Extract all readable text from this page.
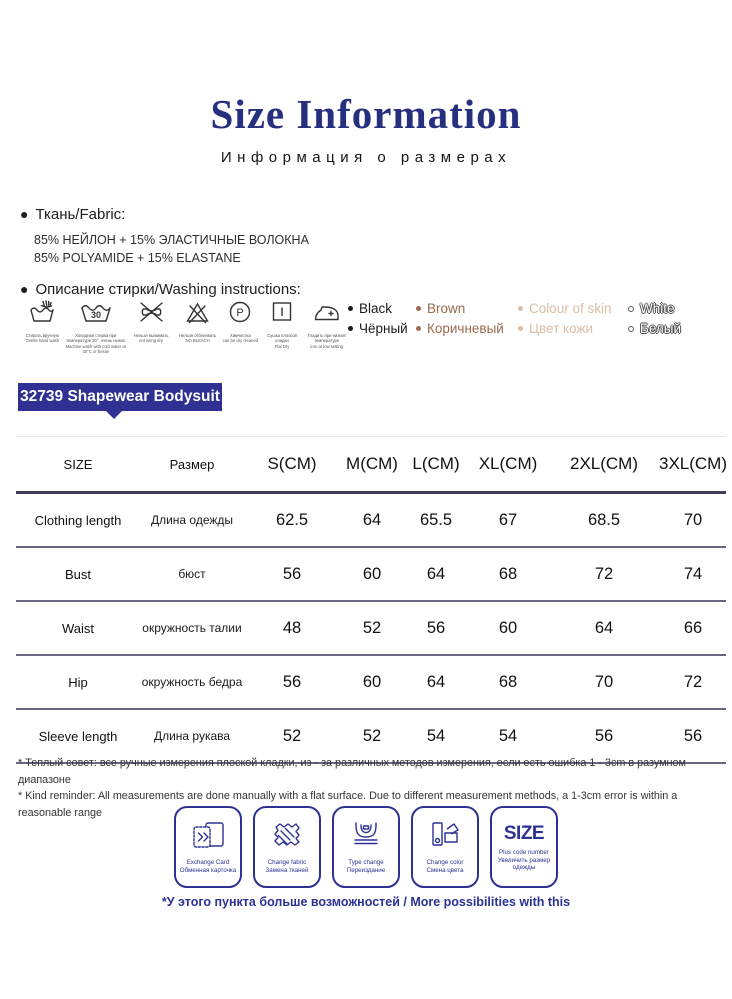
Size Information
Информация о размерах
● Ткань/Fabric:
85% НЕЙЛОН + 15% ЭЛАСТИЧНЫЕ ВОЛОКНА
85% POLYAMIDE + 15% ELASTANE
● Описание стирки/Washing instructions:
Стирать вручную
Gentle hand wash
30
Холодная стирка при температуре 30°, очень нежно
Machine wash with cold water at 30°C or below
Нельзя выжимать
not wring dry
Нельзя отбеливать
NO BLEACH
P
Химчистка
can be dry cleaned
Сушка плоской кладки
Flat Dry
Гладить при низкой температуре
iron at low setting
Black	Brown	Colour of skin White
Чёрный Коричневый Цвет кожи	Белый
32739 Shapewear Bodysuit
SIZE	Размер	S(CM)	M(CM) L(CM)	XL(CM)	2XL(CM)	3XL(CM)
Clothing length	Длина одежды	62.5	64	65.5	67	68.5	70
Bust	бюст	56	60	64	68	72	74
Waist	окружность талии	48	52	56	60	64	66
Hip	окружность бедра	56	60	64	68	70	72
Sleeve length	Длина рукава	52	52	54	54	56	56
* Теплый совет: все ручные измерения плоской кладки, из - за различных методов измерения, если есть ошибка 1 - 3cm в разумном диапазоне
* Kind reminder: All measurements are done manually with a flat surface. Due to different measurement methods, a 1-3cm error is within a reasonable range
Exchange Card
Обменная карточка
Change fabric
Замена тканей
Type change
Переиздание
Change color
Смена цвета
SIZE
Plus code number
Увеличить размер
одежды
*У этого пункта больше возможностей / More possibilities with this
